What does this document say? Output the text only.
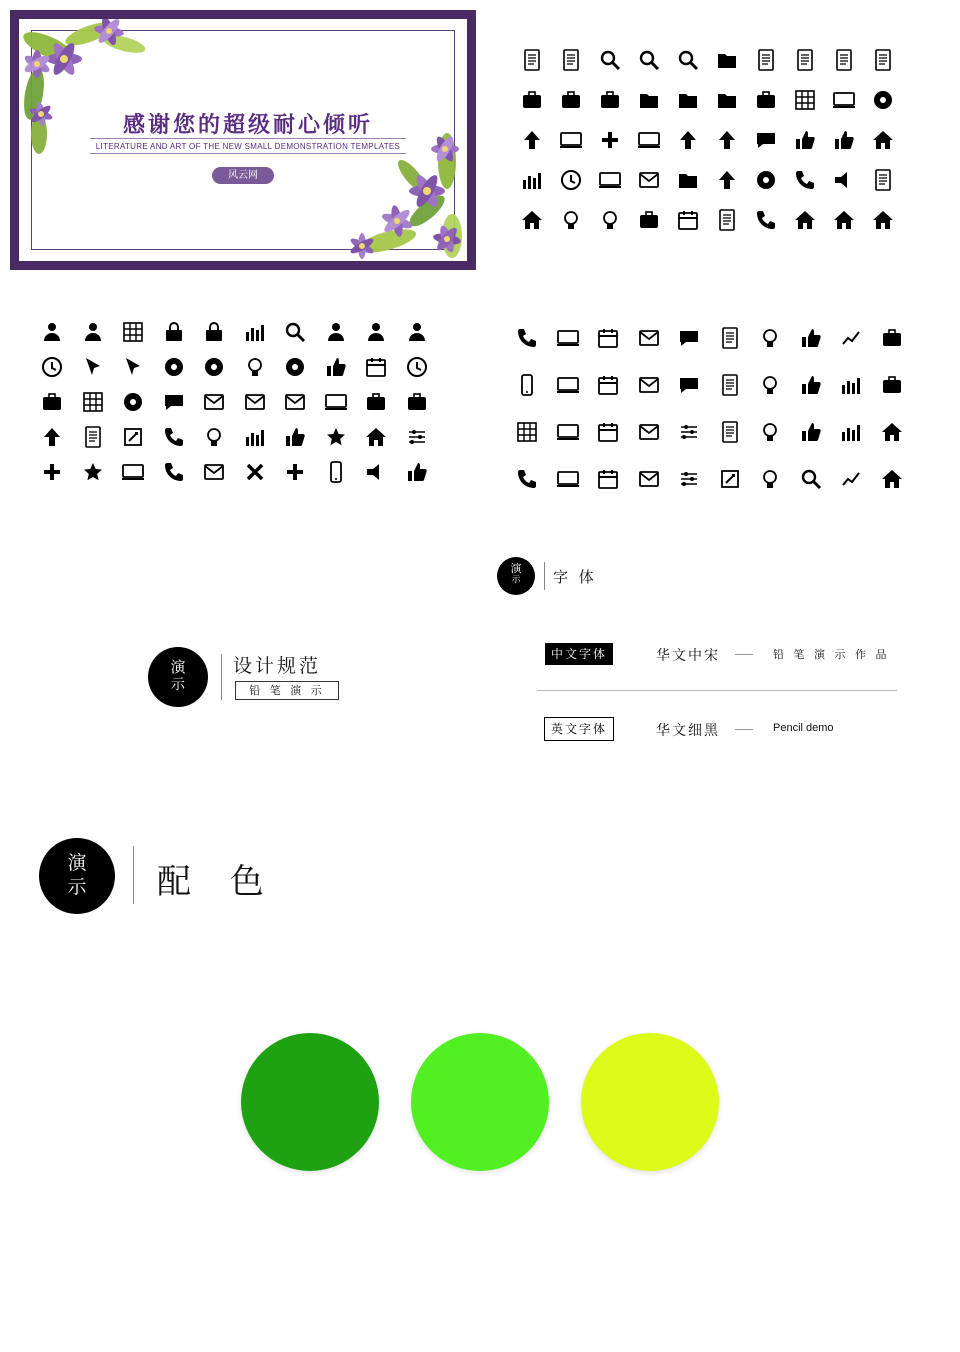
感谢您的超级耐心倾听
LITERATURE AND ART OF THE NEW SMALL DEMONSTRATION TEMPLATES
风云网
演
示	字 体
中文字体	华文中宋	铅 笔 演 示 作 品
英文字体	华文细黑	Pencil demo
演
示
设计规范
铅 笔 演 示
演
示	配 色
